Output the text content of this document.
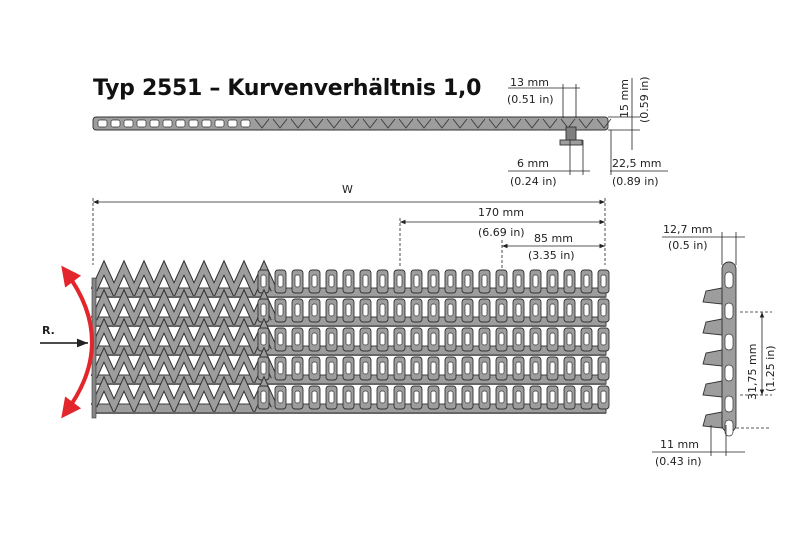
Typ 2551 – Kurvenverhältnis 1,0	13 mm
(0.51 in)	15 mm (0.59 in)
6 mm
(0.24 in)
22,5 mm
(0.89 in)
W
170 mm
(6.69 in) 85 mm
(3.35 in)
R.
12,7 mm
(0.5 in)
31,75 mm (1.25 in)
11 mm
(0.43 in)
